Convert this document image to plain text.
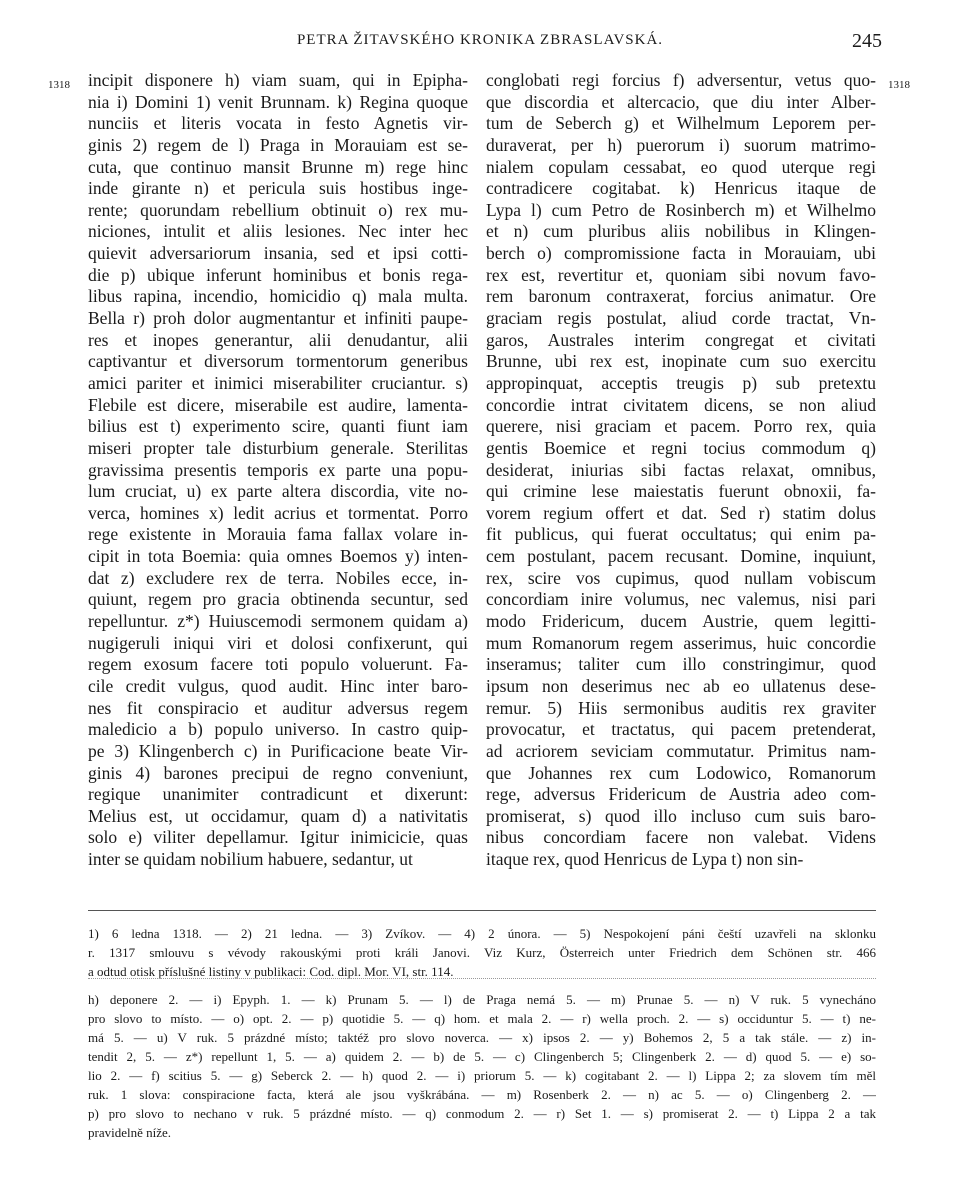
PETRA ŽITAVSKÉHO KRONIKA ZBRASLAVSKÁ.	245
1318	1318
incipit disponere h) viam suam, qui in Epipha-
nia i) Domini 1) venit Brunnam. k) Regina quoque
nunciis et literis vocata in festo Agnetis vir-
ginis 2) regem de l) Praga in Morauiam est se-
cuta, que continuo mansit Brunne m) rege hinc
inde girante n) et pericula suis hostibus inge-
rente; quorundam rebellium obtinuit o) rex mu-
niciones, intulit et aliis lesiones. Nec inter hec
quievit adversariorum insania, sed et ipsi cotti-
die p) ubique inferunt hominibus et bonis rega-
libus rapina, incendio, homicidio q) mala multa.
Bella r) proh dolor augmentantur et infiniti paupe-
res et inopes generantur, alii denudantur, alii
captivantur et diversorum tormentorum generibus
amici pariter et inimici miserabiliter cruciantur. s)
Flebile est dicere, miserabile est audire, lamenta-
bilius est t) experimento scire, quanti fiunt iam
miseri propter tale disturbium generale. Sterilitas
gravissima presentis temporis ex parte una popu-
lum cruciat, u) ex parte altera discordia, vite no-
verca, homines x) ledit acrius et tormentat. Porro
rege existente in Morauia fama fallax volare in-
cipit in tota Boemia: quia omnes Boemos y) inten-
dat z) excludere rex de terra. Nobiles ecce, in-
quiunt, regem pro gracia obtinenda secuntur, sed
repelluntur. z*) Huiuscemodi sermonem quidam a)
nugigeruli iniqui viri et dolosi confixerunt, qui
regem exosum facere toti populo voluerunt. Fa-
cile credit vulgus, quod audit. Hinc inter baro-
nes fit conspiracio et auditur adversus regem
maledicio a b) populo universo. In castro quip-
pe 3) Klingenberch c) in Purificacione beate Vir-
ginis 4) barones precipui de regno conveniunt,
regique unanimiter contradicunt et dixerunt:
Melius est, ut occidamur, quam d) a nativitatis
solo e) viliter depellamur. Igitur inimicicie, quas
inter se quidam nobilium habuere, sedantur, ut
conglobati regi forcius f) adversentur, vetus quo-
que discordia et altercacio, que diu inter Alber-
tum de Seberch g) et Wilhelmum Leporem per-
duraverat, per h) puerorum i) suorum matrimo-
nialem copulam cessabat, eo quod uterque regi
contradicere cogitabat. k) Henricus itaque de
Lypa l) cum Petro de Rosinberch m) et Wilhelmo
et n) cum pluribus aliis nobilibus in Klingen-
berch o) compromissione facta in Morauiam, ubi
rex est, revertitur et, quoniam sibi novum favo-
rem baronum contraxerat, forcius animatur. Ore
graciam regis postulat, aliud corde tractat, Vn-
garos, Australes interim congregat et civitati
Brunne, ubi rex est, inopinate cum suo exercitu
appropinquat, acceptis treugis p) sub pretextu
concordie intrat civitatem dicens, se non aliud
querere, nisi graciam et pacem. Porro rex, quia
gentis Boemice et regni tocius commodum q)
desiderat, iniurias sibi factas relaxat, omnibus,
qui crimine lese maiestatis fuerunt obnoxii, fa-
vorem regium offert et dat. Sed r) statim dolus
fit publicus, qui fuerat occultatus; qui enim pa-
cem postulant, pacem recusant. Domine, inquiunt,
rex, scire vos cupimus, quod nullam vobiscum
concordiam inire volumus, nec valemus, nisi pari
modo Fridericum, ducem Austrie, quem legitti-
mum Romanorum regem asserimus, huic concordie
inseramus; taliter cum illo constringimur, quod
ipsum non deserimus nec ab eo ullatenus dese-
remur. 5) Hiis sermonibus auditis rex graviter
provocatur, et tractatus, qui pacem pretenderat,
ad acriorem seviciam commutatur. Primitus nam-
que Johannes rex cum Lodowico, Romanorum
rege, adversus Fridericum de Austria adeo com-
promiserat, s) quod illo incluso cum suis baro-
nibus concordiam facere non valebat. Videns
itaque rex, quod Henricus de Lypa t) non sin-
1) 6 ledna 1318. — 2) 21 ledna. — 3) Zvíkov. — 4) 2 února. — 5) Nespokojení páni čeští uzavřeli na sklonku
r. 1317 smlouvu s vévody rakouskými proti králi Janovi. Viz Kurz, Österreich unter Friedrich dem Schönen str. 466
a odtud otisk příslušné listiny v publikaci: Cod. dipl. Mor. VI, str. 114.
h) deponere 2. — i) Epyph. 1. — k) Prunam 5. — l) de Praga nemá 5. — m) Prunae 5. — n) V ruk. 5 vynecháno
pro slovo to místo. — o) opt. 2. — p) quotidie 5. — q) hom. et mala 2. — r) wella proch. 2. — s) occiduntur 5. — t) ne-
má 5. — u) V ruk. 5 prázdné místo; taktéž pro slovo noverca. — x) ipsos 2. — y) Bohemos 2, 5 a tak stále. — z) in-
tendit 2, 5. — z*) repellunt 1, 5. — a) quidem 2. — b) de 5. — c) Clingenberch 5; Clingenberk 2. — d) quod 5. — e) so-
lio 2. — f) scitius 5. — g) Seberck 2. — h) quod 2. — i) priorum 5. — k) cogitabant 2. — l) Lippa 2; za slovem tím měl
ruk. 1 slova: conspiracione facta, která ale jsou vyškrábána. — m) Rosenberk 2. — n) ac 5. — o) Clingenberg 2. —
p) pro slovo to nechano v ruk. 5 prázdné místo. — q) conmodum 2. — r) Set 1. — s) promiserat 2. — t) Lippa 2 a tak
pravidelně níže.
